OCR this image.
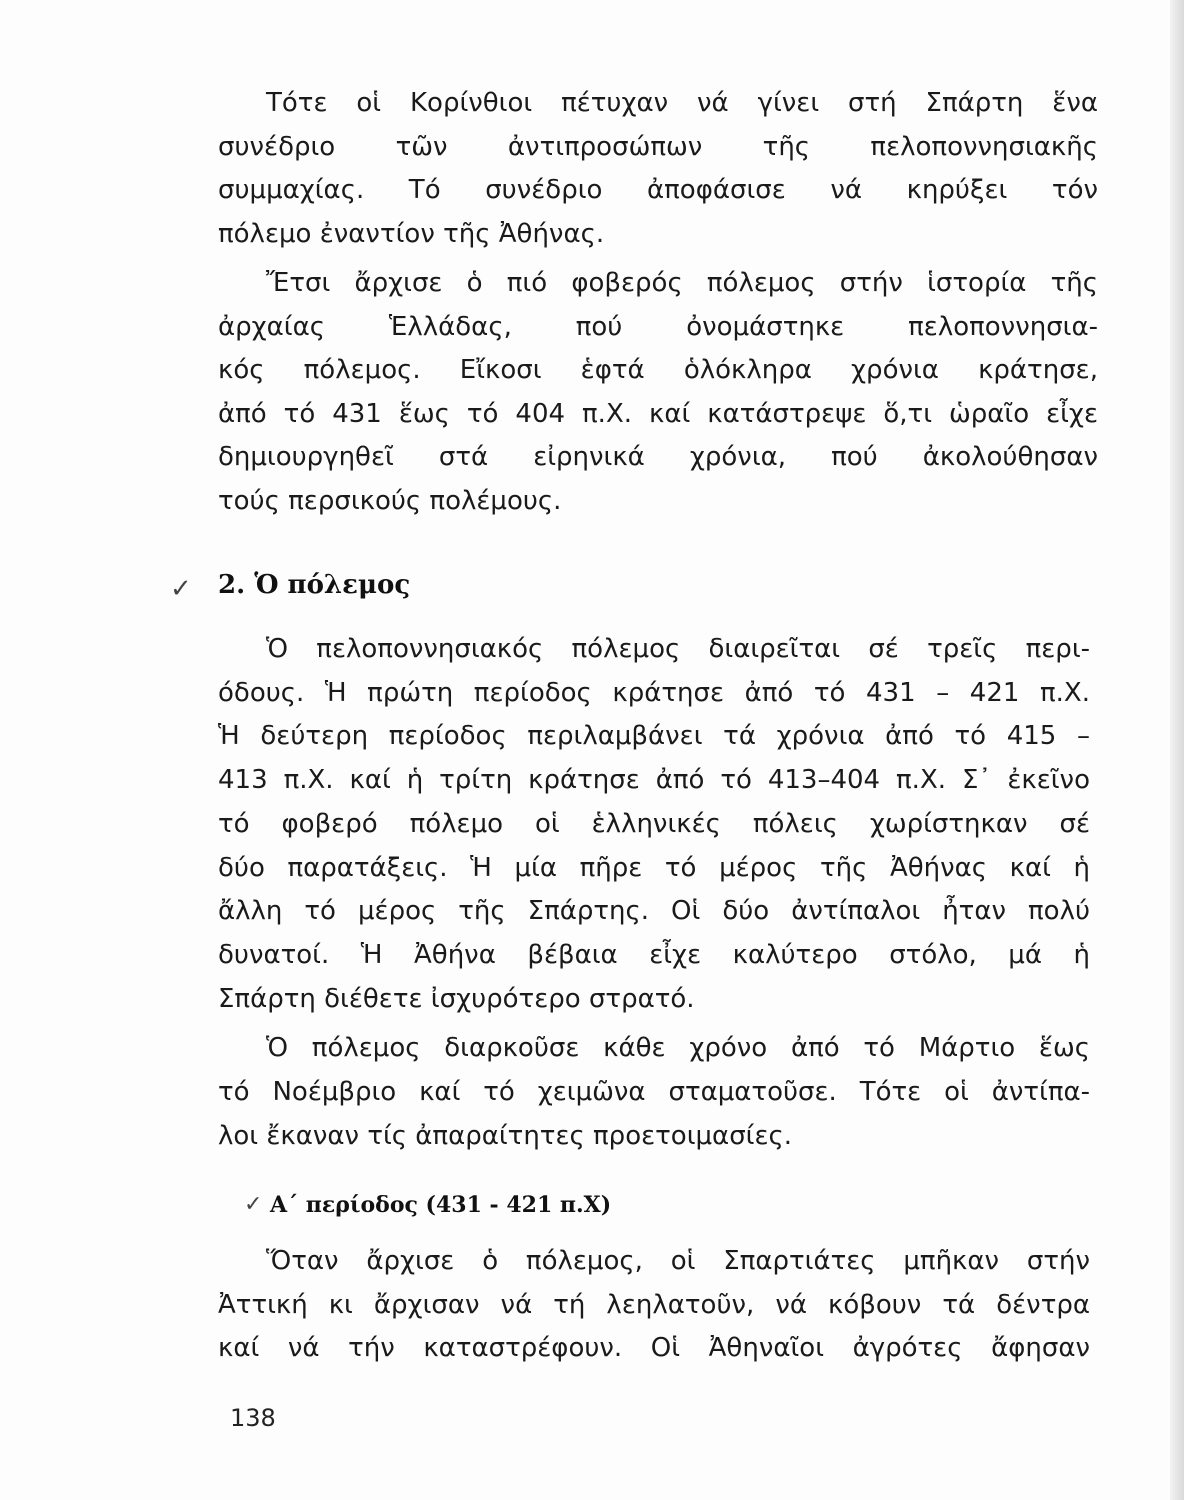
Τότε οἱ Κορίνθιοι πέτυχαν νά γίνει στή Σπάρτη ἕνα
συνέδριο τῶν ἀντιπροσώπων τῆς πελοποννησιακῆς
συμμαχίας. Τό συνέδριο ἀποφάσισε νά κηρύξει τόν
πόλεμο ἐναντίον τῆς Ἀθήνας.

Ἔτσι ἄρχισε ὁ πιό φοβερός πόλεμος στήν ἱστορία τῆς
ἀρχαίας Ἑλλάδας, πού ὀνομάστηκε πελοποννησια-
κός πόλεμος. Εἴκοσι ἑφτά ὁλόκληρα χρόνια κράτησε,
ἀπό τό 431 ἕως τό 404 π.Χ. καί κατάστρεψε ὅ,τι ὡραῖο εἶχε
δημιουργηθεῖ στά εἰρηνικά χρόνια, πού ἀκολούθησαν
τούς περσικούς πολέμους.

✓ 2. Ὁ πόλεμος

Ὁ πελοποννησιακός πόλεμος διαιρεῖται σέ τρεῖς περι-
όδους. Ἡ πρώτη περίοδος κράτησε ἀπό τό 431 – 421 π.Χ.
Ἡ δεύτερη περίοδος περιλαμβάνει τά χρόνια ἀπό τό 415 –
413 π.Χ. καί ἡ τρίτη κράτησε ἀπό τό 413–404 π.Χ. Σ᾽ ἐκεῖνο
τό φοβερό πόλεμο οἱ ἑλληνικές πόλεις χωρίστηκαν σέ
δύο παρατάξεις. Ἡ μία πῆρε τό μέρος τῆς Ἀθήνας καί ἡ
ἄλλη τό μέρος τῆς Σπάρτης. Οἱ δύο ἀντίπαλοι ἦταν πολύ
δυνατοί. Ἡ Ἀθήνα βέβαια εἶχε καλύτερο στόλο, μά ἡ
Σπάρτη διέθετε ἰσχυρότερο στρατό.

Ὁ πόλεμος διαρκοῦσε κάθε χρόνο ἀπό τό Μάρτιο ἕως
τό Νοέμβριο καί τό χειμῶνα σταματοῦσε. Τότε οἱ ἀντίπα-
λοι ἔκαναν τίς ἀπαραίτητες προετοιμασίες.

✓ Α΄ περίοδος (431 - 421 π.Χ)

Ὅταν ἄρχισε ὁ πόλεμος, οἱ Σπαρτιάτες μπῆκαν στήν
Ἀττική κι ἄρχισαν νά τή λεηλατοῦν, νά κόβουν τά δέντρα
καί νά τήν καταστρέφουν. Οἱ Ἀθηναῖοι ἀγρότες ἄφησαν

138
